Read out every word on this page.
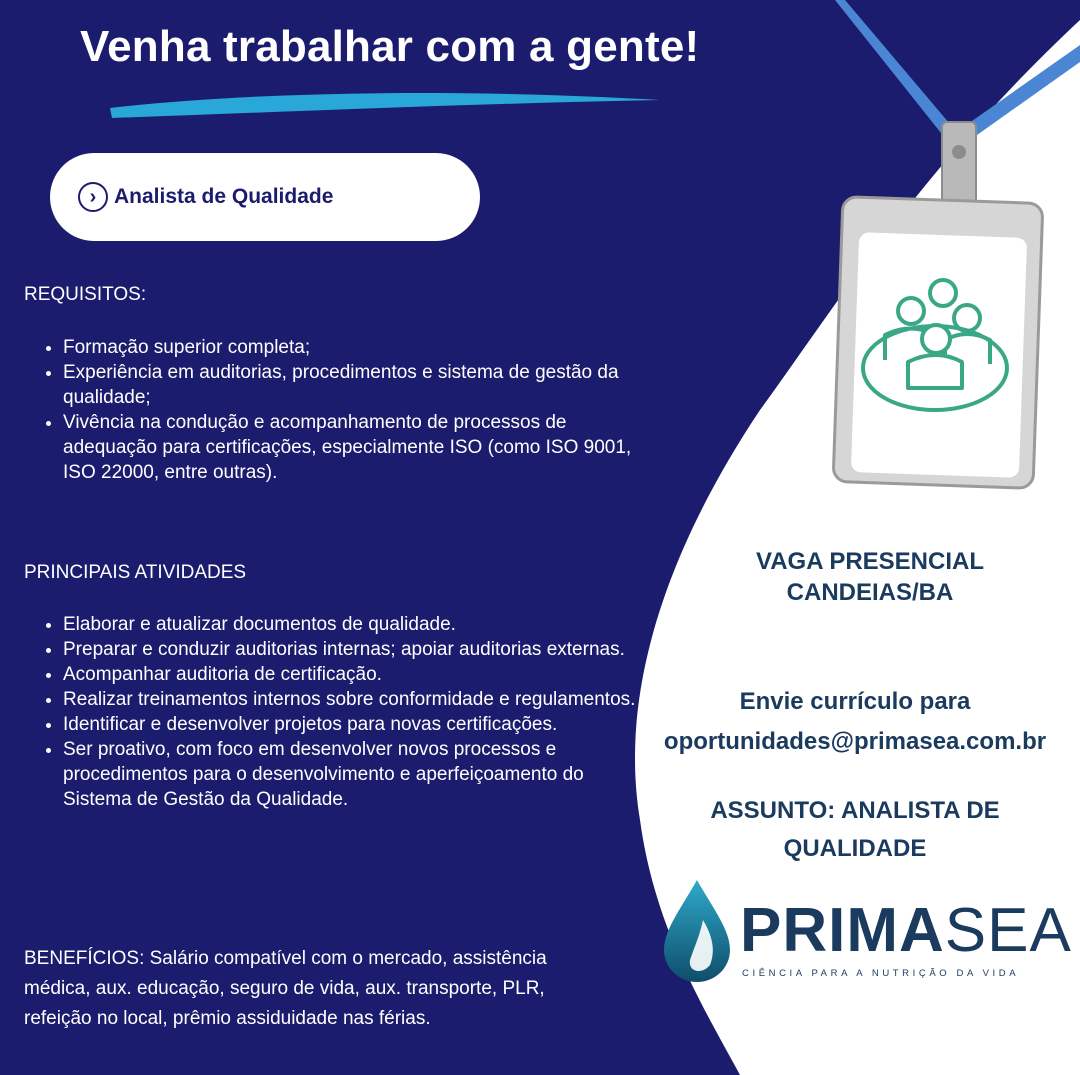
Venha trabalhar com a gente!
› Analista de Qualidade
REQUISITOS:
• Formação superior completa;
• Experiência em auditorias, procedimentos e sistema de gestão da qualidade;
• Vivência na condução e acompanhamento de processos de adequação para certificações, especialmente ISO (como ISO 9001, ISO 22000, entre outras).
PRINCIPAIS ATIVIDADES
• Elaborar e atualizar documentos de qualidade.
• Preparar e conduzir auditorias internas; apoiar auditorias externas.
• Acompanhar auditoria de certificação.
• Realizar treinamentos internos sobre conformidade e regulamentos.
• Identificar e desenvolver projetos para novas certificações.
• Ser proativo, com foco em desenvolver novos processos e procedimentos para o desenvolvimento e aperfeiçoamento do Sistema de Gestão da Qualidade.
BENEFÍCIOS: Salário compatível com o mercado, assistência médica, aux. educação, seguro de vida, aux. transporte, PLR, refeição no local, prêmio assiduidade nas férias.
VAGA PRESENCIAL
CANDEIAS/BA
Envie currículo para
oportunidades@primasea.com.br
ASSUNTO: ANALISTA DE
QUALIDADE
PRIMASEA
CIÊNCIA PARA A NUTRIÇÃO DA VIDA
